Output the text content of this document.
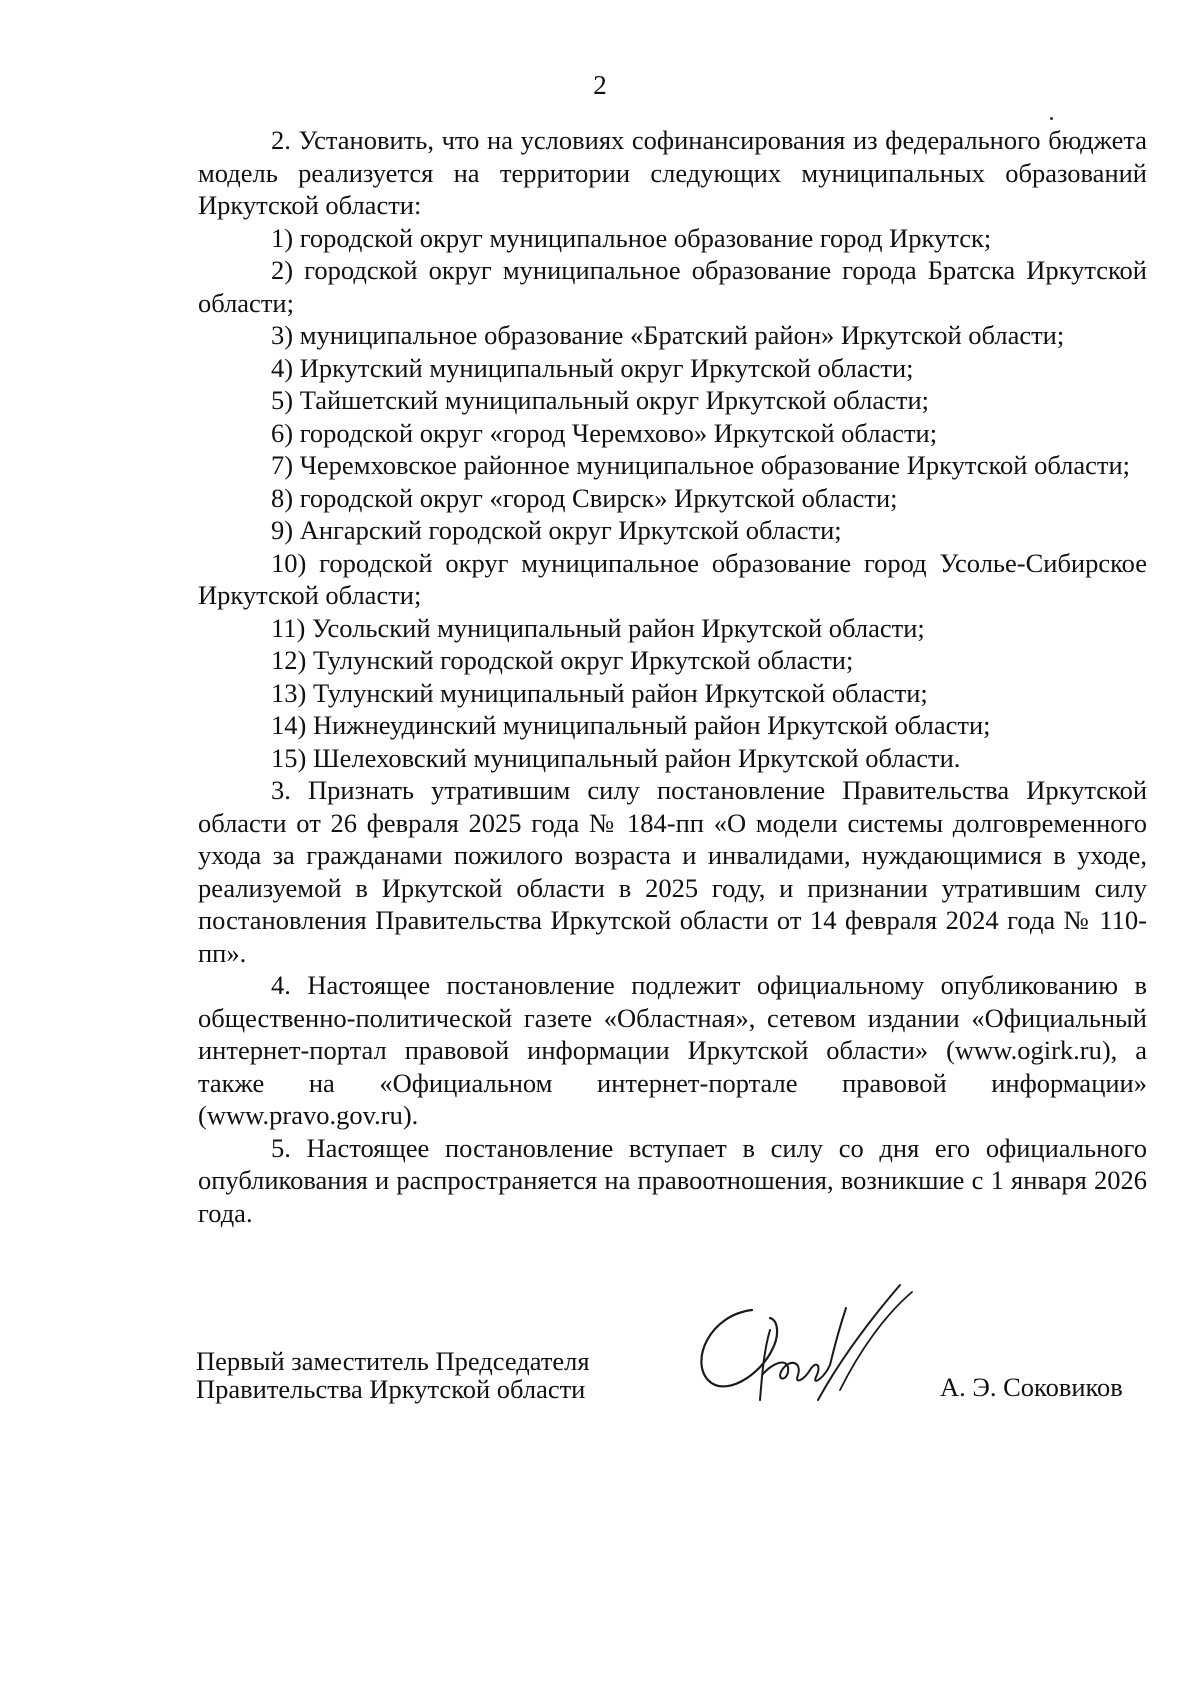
2

2. Установить, что на условиях софинансирования из федерального бюджета модель реализуется на территории следующих муниципальных образований Иркутской области:

1) городской округ муниципальное образование город Иркутск;

2) городской округ муниципальное образование города Братска Иркутской области;

3) муниципальное образование «Братский район» Иркутской области;

4) Иркутский муниципальный округ Иркутской области;

5) Тайшетский муниципальный округ Иркутской области;

6) городской округ «город Черемхово» Иркутской области;

7) Черемховское районное муниципальное образование Иркутской области;

8) городской округ «город Свирск» Иркутской области;

9) Ангарский городской округ Иркутской области;

10) городской округ муниципальное образование город Усолье-Сибирское Иркутской области;

11) Усольский муниципальный район Иркутской области;

12) Тулунский городской округ Иркутской области;

13) Тулунский муниципальный район Иркутской области;

14) Нижнеудинский муниципальный район Иркутской области;

15) Шелеховский муниципальный район Иркутской области.

3. Признать утратившим силу постановление Правительства Иркутской области от 26 февраля 2025 года № 184-пп «О модели системы долговременного ухода за гражданами пожилого возраста и инвалидами, нуждающимися в уходе, реализуемой в Иркутской области в 2025 году, и признании утратившим силу постановления Правительства Иркутской области от 14 февраля 2024 года № 110-пп».

4. Настоящее постановление подлежит официальному опубликованию в общественно-политической газете «Областная», сетевом издании «Официальный интернет-портал правовой информации Иркутской области» (www.ogirk.ru), а также на «Официальном интернет-портале правовой информации» (www.pravo.gov.ru).

5. Настоящее постановление вступает в силу со дня его официального опубликования и распространяется на правоотношения, возникшие с 1 января 2026 года.

Первый заместитель Председателя
Правительства Иркутской области	А. Э. Соковиков
